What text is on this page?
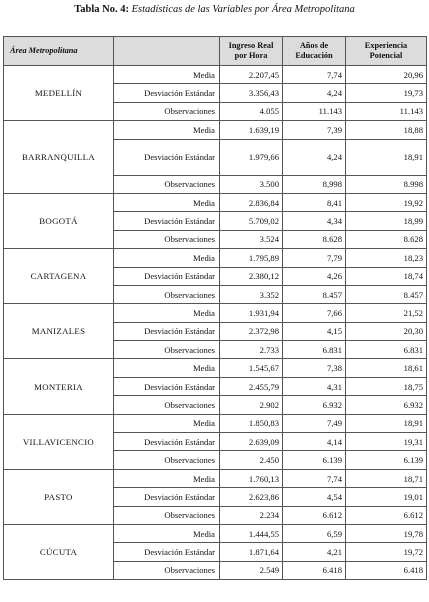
Tabla No. 4: Estadísticas de las Variables por Área Metropolitana
Área Metropolitana		Ingreso Real por Hora	Años de Educación	Experiencia Potencial
MEDELLÍN	Media	2.207,45	7,74	20,96
	Desviación Estándar	3.356,43	4,24	19,73
	Observaciones	4.055	11.143	11.143
BARRANQUILLA	Media	1.639,19	7,39	18,88
	Desviación Estándar	1.979,66	4,24	18,91
	Observaciones	3.500	8,998	8.998
BOGOTÁ	Media	2.836,84	8,41	19,92
	Desviación Estándar	5.709,02	4,34	18,99
	Observaciones	3.524	8.628	8.628
CARTAGENA	Media	1.795,89	7,79	18,23
	Desviación Estándar	2.380,12	4,26	18,74
	Observaciones	3.352	8.457	8.457
MANIZALES	Media	1.931,94	7,66	21,52
	Desviación Estándar	2.372,98	4,15	20,30
	Observaciones	2.733	6.831	6.831
MONTERIA	Media	1.545,67	7,38	18,61
	Desviación Estándar	2.455,79	4,31	18,75
	Observaciones	2.902	6.932	6.932
VILLAVICENCIO	Media	1.850,83	7,49	18,91
	Desviación Estándar	2.639,09	4,14	19,31
	Observaciones	2.450	6.139	6.139
PASTO	Media	1.760,13	7,74	18,71
	Desviación Estándar	2.623,86	4,54	19,01
	Observaciones	2.234	6.612	6.612
CÚCUTA	Media	1.444,55	6,59	19,78
	Desviación Estándar	1.871,64	4,21	19,72
	Observaciones	2.549	6.418	6.418
